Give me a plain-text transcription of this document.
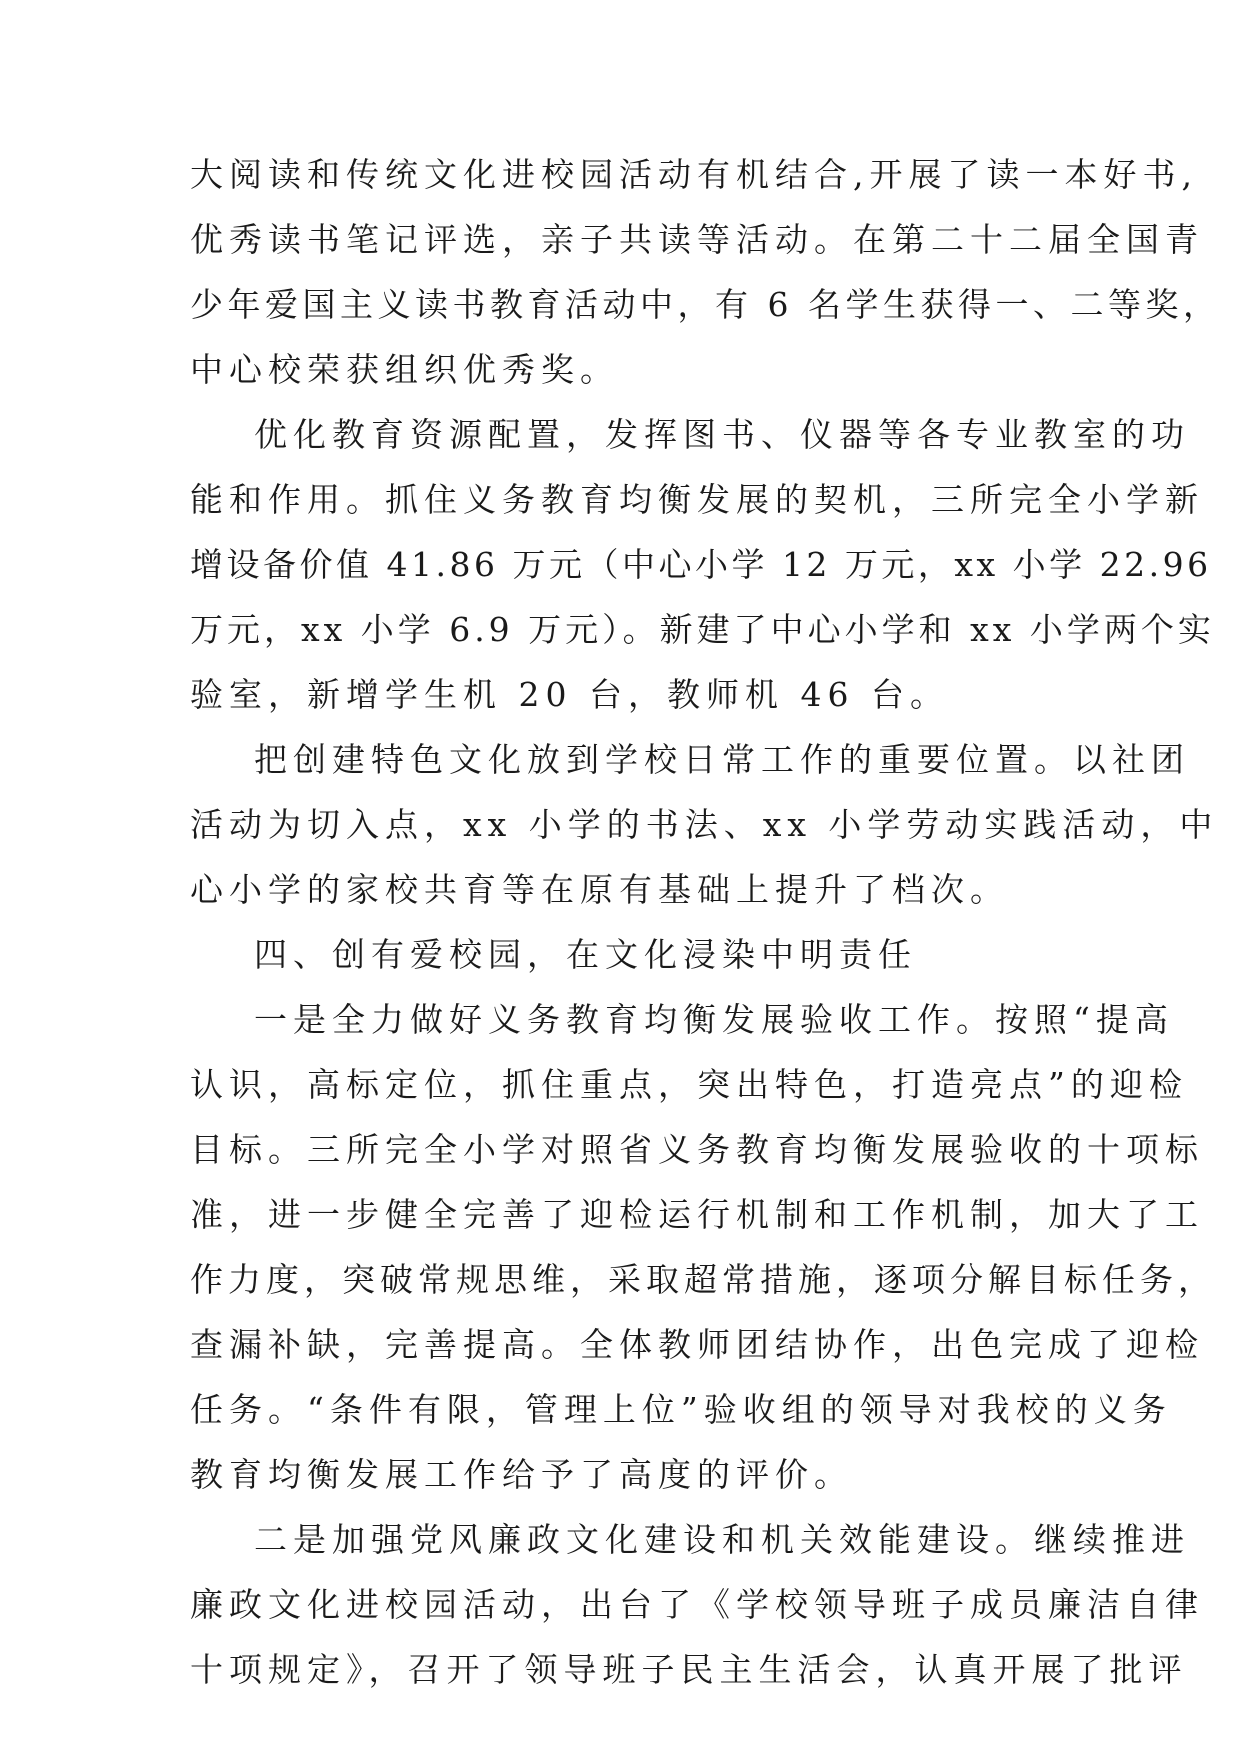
大阅读和传统文化进校园活动有机结合,开展了读一本好书,
优秀读书笔记评选，亲子共读等活动。在第二十二届全国青
少年爱国主义读书教育活动中，有 6 名学生获得一、二等奖，
中心校荣获组织优秀奖。
优化教育资源配置，发挥图书、仪器等各专业教室的功
能和作用。抓住义务教育均衡发展的契机，三所完全小学新
增设备价值 41.86 万元（中心小学 12 万元，xx 小学 22.96
万元，xx 小学 6.9 万元）。新建了中心小学和 xx 小学两个实
验室，新增学生机 20 台，教师机 46 台。
把创建特色文化放到学校日常工作的重要位置。以社团
活动为切入点，xx 小学的书法、xx 小学劳动实践活动，中
心小学的家校共育等在原有基础上提升了档次。
四、创有爱校园，在文化浸染中明责任
一是全力做好义务教育均衡发展验收工作。按照“提高
认识，高标定位，抓住重点，突出特色，打造亮点”的迎检
目标。三所完全小学对照省义务教育均衡发展验收的十项标
准，进一步健全完善了迎检运行机制和工作机制，加大了工
作力度，突破常规思维，采取超常措施，逐项分解目标任务，
查漏补缺，完善提高。全体教师团结协作，出色完成了迎检
任务。“条件有限，管理上位”验收组的领导对我校的义务
教育均衡发展工作给予了高度的评价。
二是加强党风廉政文化建设和机关效能建设。继续推进
廉政文化进校园活动，出台了《学校领导班子成员廉洁自律
十项规定》，召开了领导班子民主生活会，认真开展了批评
